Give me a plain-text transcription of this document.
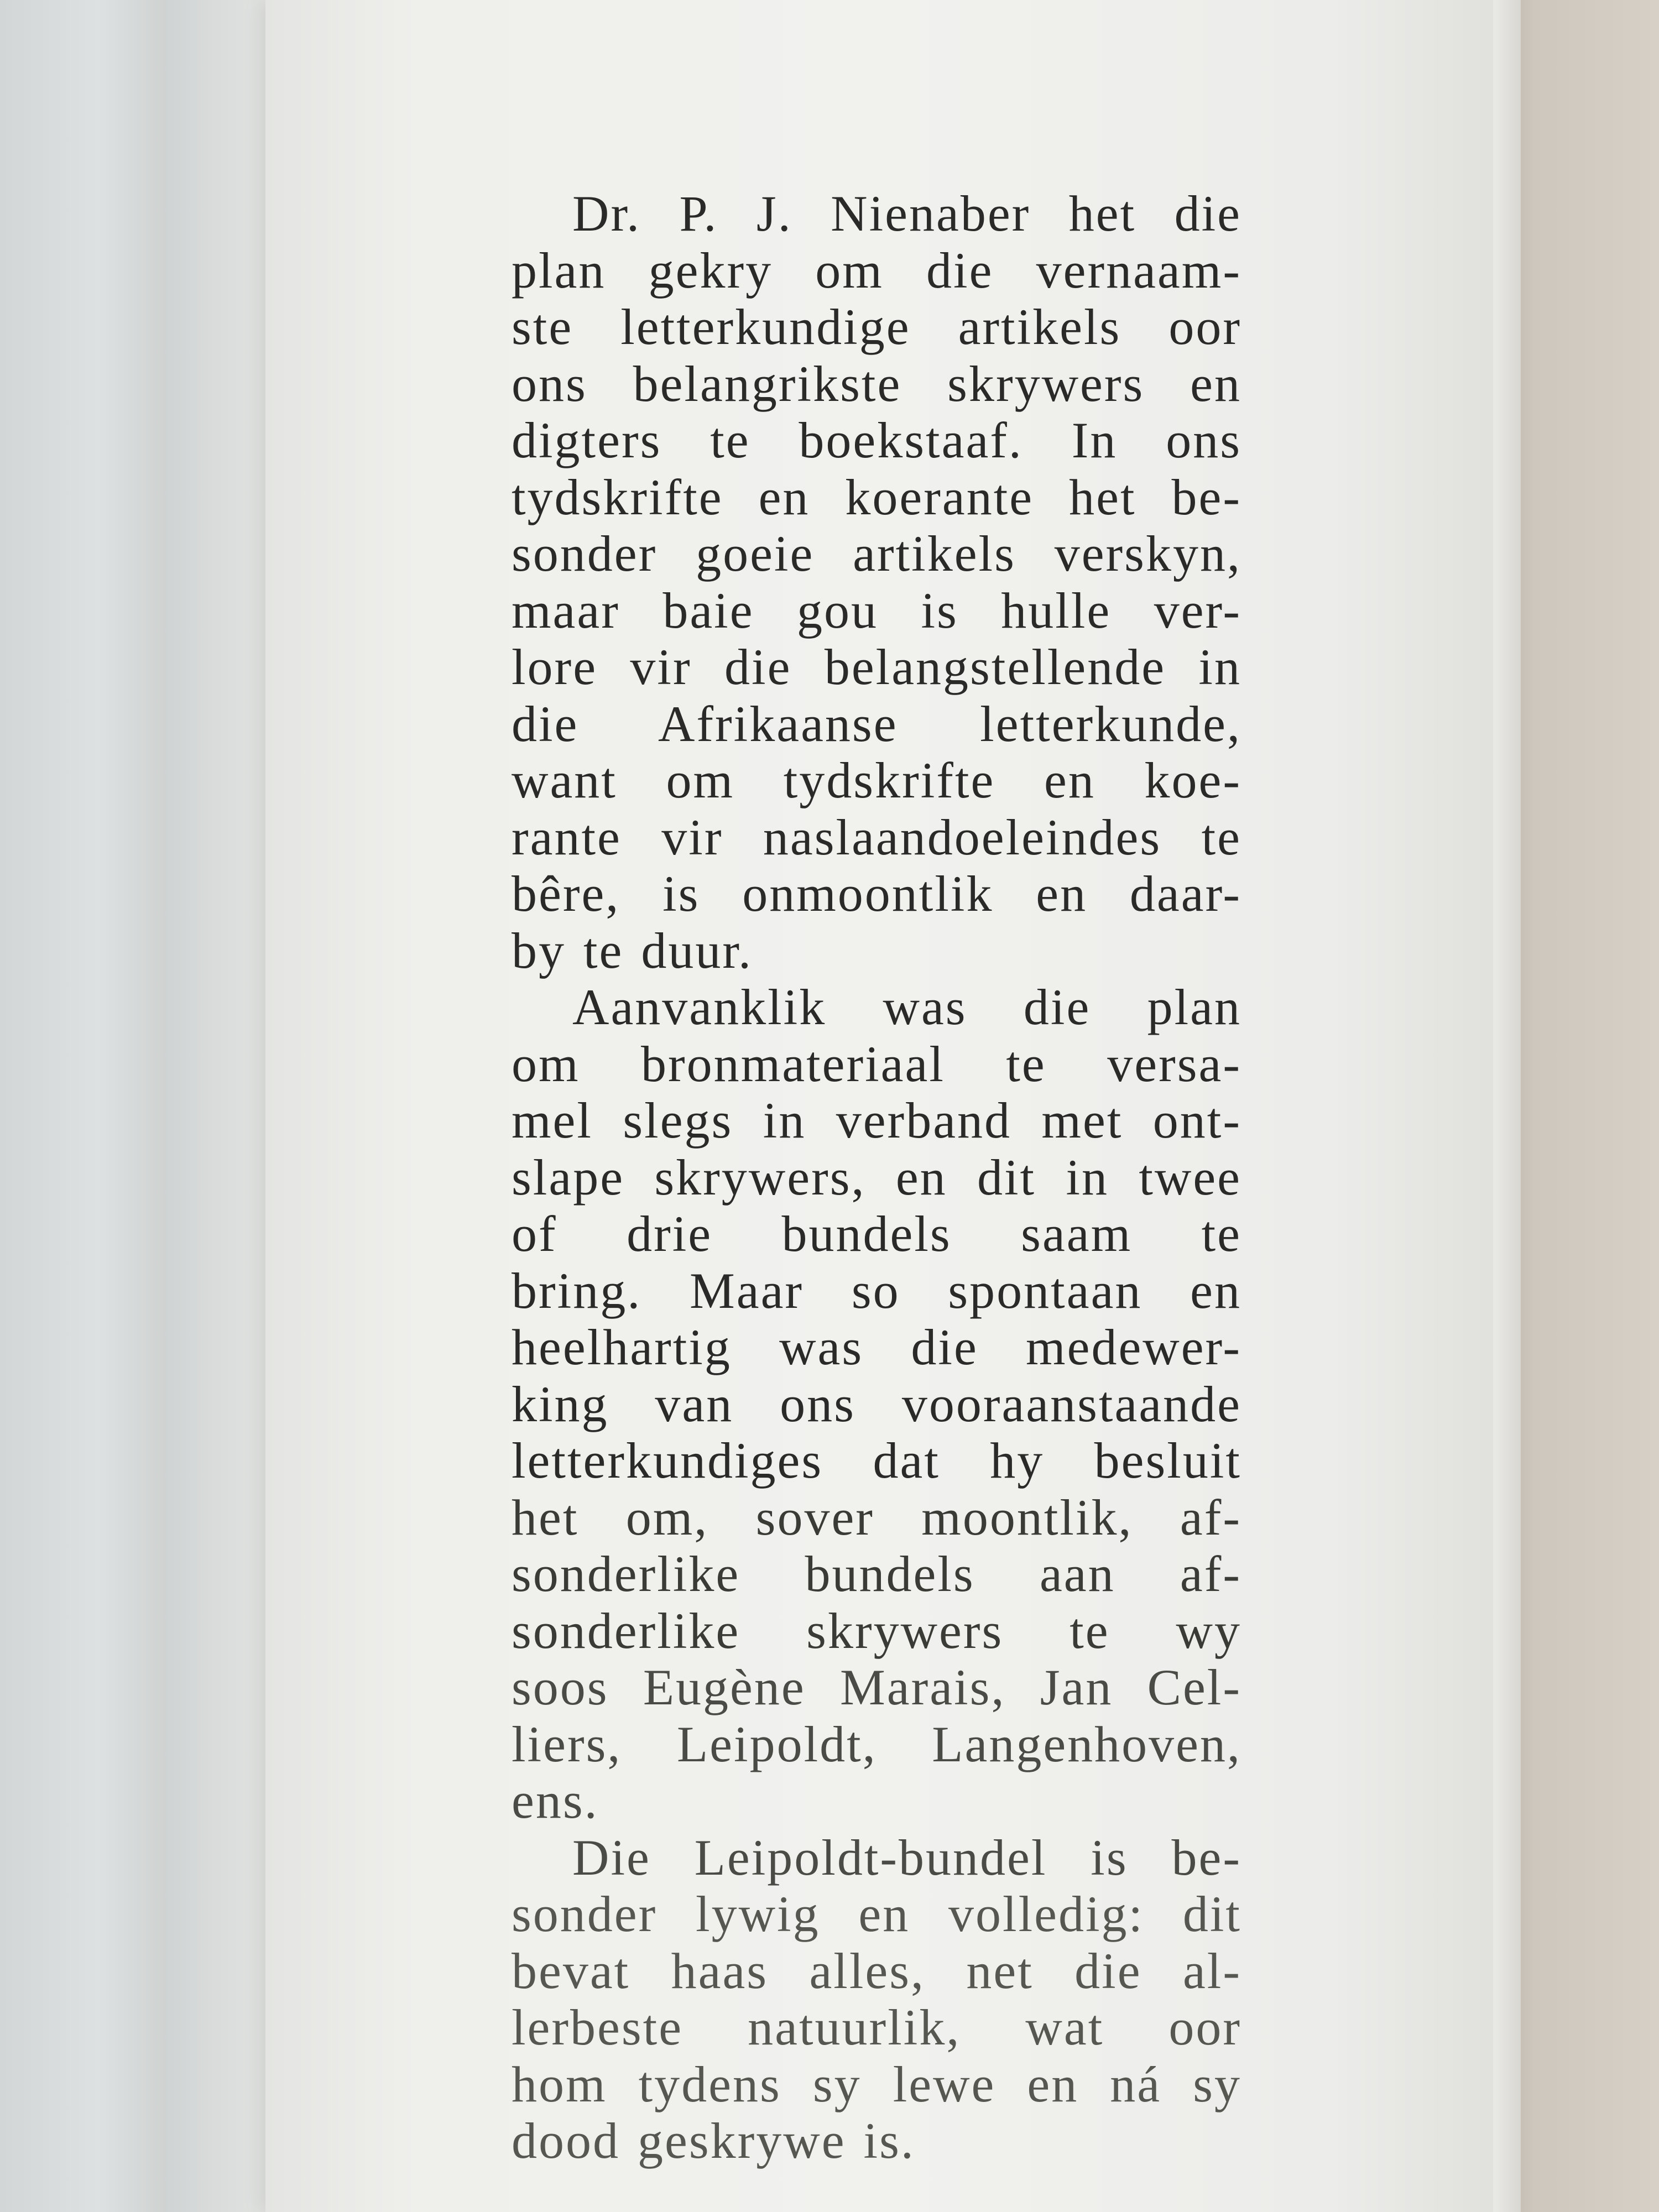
Dr. P. J. Nienaber het die
plan gekry om die vernaam-
ste letterkundige artikels oor
ons belangrikste skrywers en
digters te boekstaaf. In ons
tydskrifte en koerante het be-
sonder goeie artikels verskyn,
maar baie gou is hulle ver-
lore vir die belangstellende in
die Afrikaanse letterkunde,
want om tydskrifte en koe-
rante vir naslaandoeleindes te
bêre, is onmoontlik en daar-
by te duur.
Aanvanklik was die plan
om bronmateriaal te versa-
mel slegs in verband met ont-
slape skrywers, en dit in twee
of drie bundels saam te
bring. Maar so spontaan en
heelhartig was die medewer-
king van ons vooraanstaande
letterkundiges dat hy besluit
het om, sover moontlik, af-
sonderlike bundels aan af-
sonderlike skrywers te wy
soos Eugène Marais, Jan Cel-
liers, Leipoldt, Langenhoven,
ens.
Die Leipoldt-bundel is be-
sonder lywig en volledig: dit
bevat haas alles, net die al-
lerbeste natuurlik, wat oor
hom tydens sy lewe en ná sy
dood geskrywe is.
